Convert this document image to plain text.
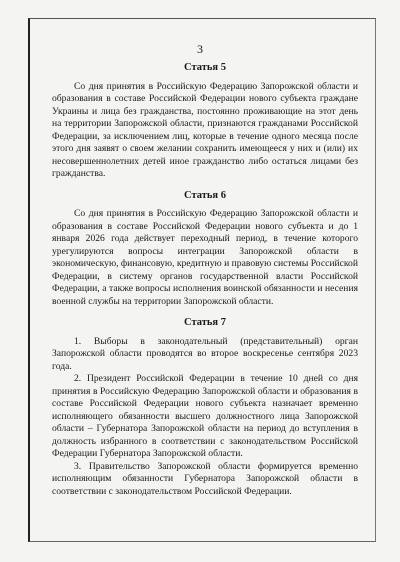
3
Статья 5

Со дня принятия в Российскую Федерацию Запорожской области и образования в составе Российской Федерации нового субъекта граждане Украины и лица без гражданства, постоянно проживающие на этот день на территории Запорожской области, признаются гражданами Российской Федерации, за исключением лиц, которые в течение одного месяца после этого дня заявят о своем желании сохранить имеющееся у них и (или) их несовершеннолетних детей иное гражданство либо остаться лицами без гражданства.

Статья 6

Со дня принятия в Российскую Федерацию Запорожской области и образования в составе Российской Федерации нового субъекта и до 1 января 2026 года действует переходный период, в течение которого урегулируются вопросы интеграции Запорожской области в экономическую, финансовую, кредитную и правовую системы Российской Федерации, в систему органов государственной власти Российской Федерации, а также вопросы исполнения воинской обязанности и несения военной службы на территории Запорожской области.

Статья 7

1. Выборы в законодательный (представительный) орган Запорожской области проводятся во второе воскресенье сентября 2023 года.

2. Президент Российской Федерации в течение 10 дней со дня принятия в Российскую Федерацию Запорожской области и образования в составе Российской Федерации нового субъекта назначает временно исполняющего обязанности высшего должностного лица Запорожской области – Губернатора Запорожской области на период до вступления в должность избранного в соответствии с законодательством Российской Федерации Губернатора Запорожской области.

3. Правительство Запорожской области формируется временно исполняющим обязанности Губернатора Запорожской области в соответствии с законодательством Российской Федерации.
